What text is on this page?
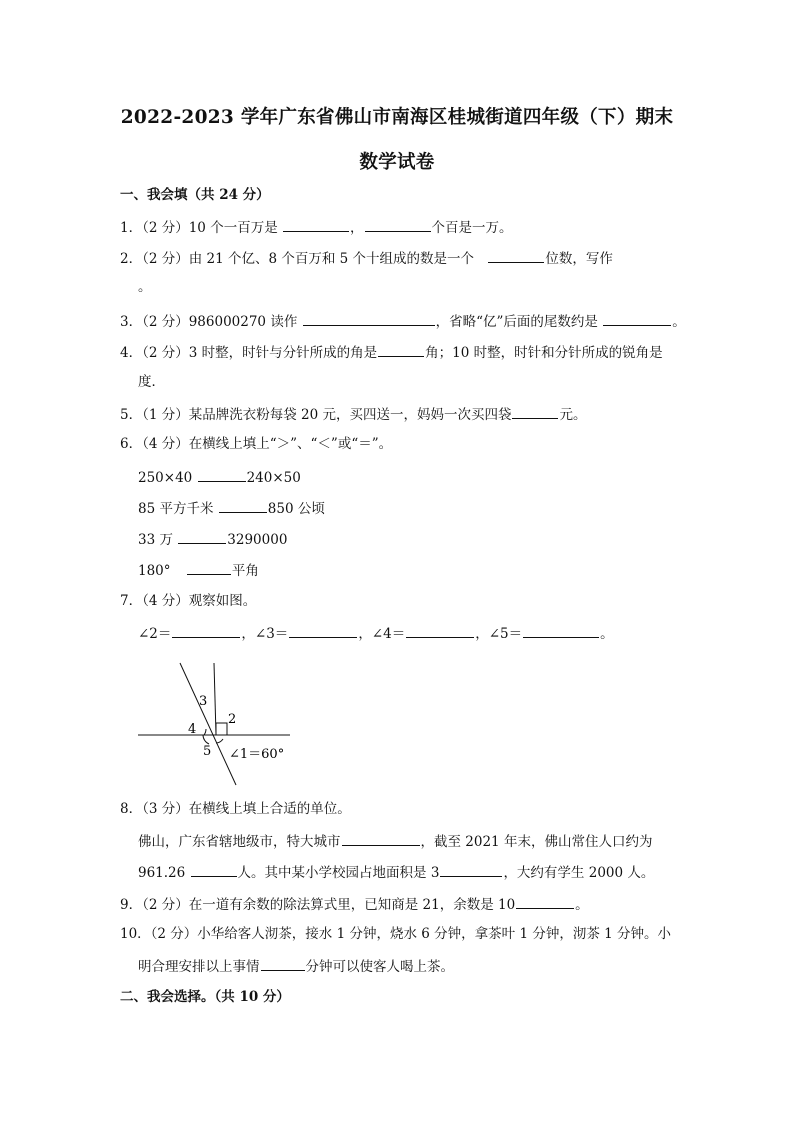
2022-2023 学年广东省佛山市南海区桂城街道四年级（下）期末
数学试卷
一、我会填（共 24 分）
1．（2 分）10 个一百万是	，	个百是一万。
2．（2 分）由 21 个亿、8 个百万和 5 个十组成的数是一个	位数，写作
。
3．（2 分）986000270 读作	，省略“亿”后面的尾数约是	。
4．（2 分）3 时整，时针与分针所成的角是	角；10 时整，时针和分针所成的锐角是
度．
5．（1 分）某品牌洗衣粉每袋 20 元，买四送一，妈妈一次买四袋	元。
6．（4 分）在横线上填上“＞”、“＜”或“＝”。
250×40	240×50
85 平方千米	850 公顷
33 万	3290000
180°	平角
7．（4 分）观察如图。
∠2＝	，∠3＝	，∠4＝	，∠5＝	。
3
2
4
5 ∠1＝60°
8．（3 分）在横线上填上合适的单位。
佛山，广东省辖地级市，特大城市	，截至 2021 年末，佛山常住人口约为
961.26	人。其中某小学校园占地面积是 3	，大约有学生 2000 人。
9．（2 分）在一道有余数的除法算式里，已知商是 21，余数是 10	。
10．（2 分）小华给客人沏茶，接水 1 分钟，烧水 6 分钟，拿茶叶 1 分钟，沏茶 1 分钟。小
明合理安排以上事情	分钟可以使客人喝上茶。
二、我会选择。（共 10 分）
